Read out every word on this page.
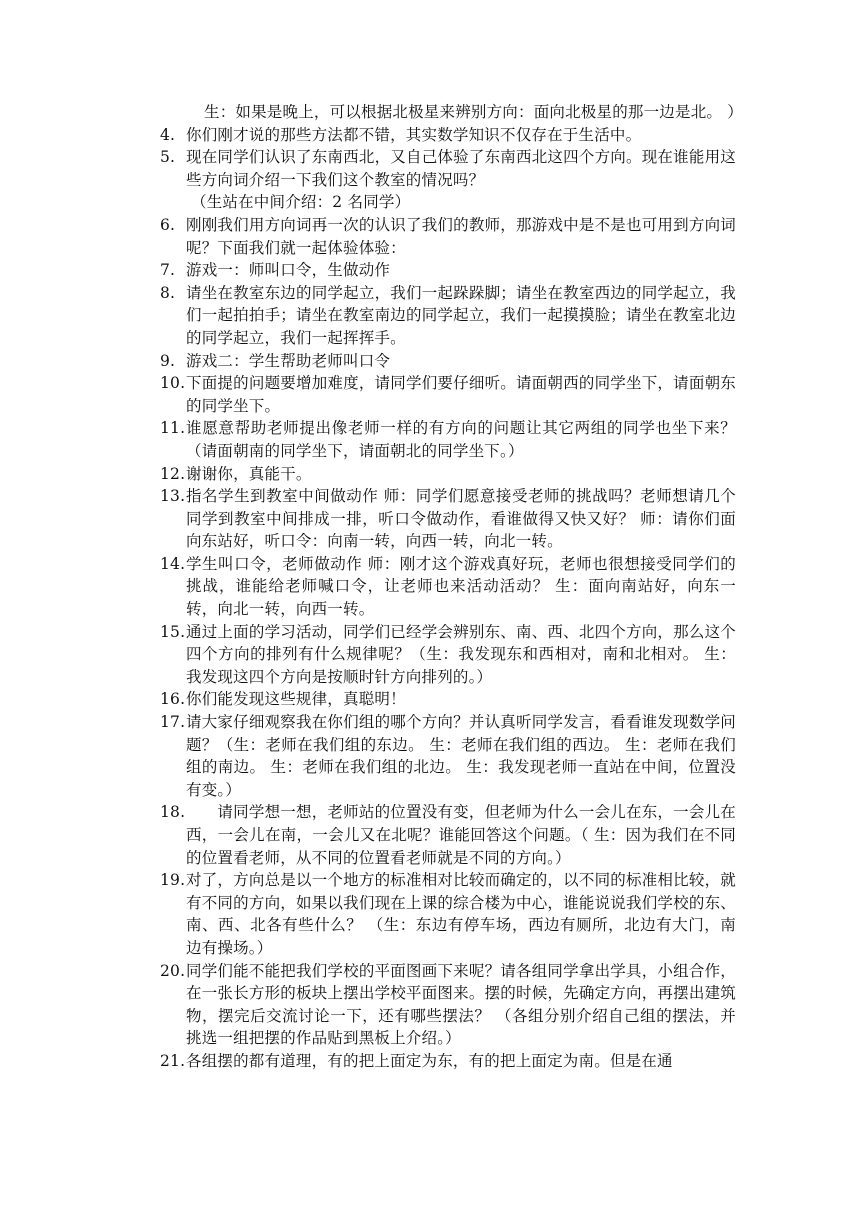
生：如果是晚上，可以根据北极星来辨别方向：面向北极星的那一边是北。 ）
4. 你们刚才说的那些方法都不错，其实数学知识不仅存在于生活中。
5. 现在同学们认识了东南西北，又自己体验了东南西北这四个方向。现在谁能用这些方向词介绍一下我们这个教室的情况吗？
（生站在中间介绍：2 名同学）
6. 刚刚我们用方向词再一次的认识了我们的教师，那游戏中是不是也可用到方向词呢？下面我们就一起体验体验：
7. 游戏一：师叫口令，生做动作
8. 请坐在教室东边的同学起立，我们一起跺跺脚；请坐在教室西边的同学起立，我们一起拍拍手；请坐在教室南边的同学起立，我们一起摸摸脸；请坐在教室北边的同学起立，我们一起挥挥手。
9. 游戏二：学生帮助老师叫口令
10. 下面提的问题要增加难度，请同学们要仔细听。请面朝西的同学坐下，请面朝东的同学坐下。
11. 谁愿意帮助老师提出像老师一样的有方向的问题让其它两组的同学也坐下来？ （请面朝南的同学坐下，请面朝北的同学坐下。）
12. 谢谢你，真能干。
13. 指名学生到教室中间做动作 师：同学们愿意接受老师的挑战吗？老师想请几个同学到教室中间排成一排，听口令做动作，看谁做得又快又好？ 师：请你们面向东站好，听口令：向南一转，向西一转，向北一转。
14. 学生叫口令，老师做动作 师：刚才这个游戏真好玩，老师也很想接受同学们的挑战，谁能给老师喊口令，让老师也来活动活动？ 生：面向南站好，向东一转，向北一转，向西一转。
15. 通过上面的学习活动，同学们已经学会辨别东、南、西、北四个方向，那么这个四个方向的排列有什么规律呢？（生：我发现东和西相对，南和北相对。 生：我发现这四个方向是按顺时针方向排列的。）
16. 你们能发现这些规律，真聪明！
17. 请大家仔细观察我在你们组的哪个方向？并认真听同学发言，看看谁发现数学问题？（生：老师在我们组的东边。 生：老师在我们组的西边。 生：老师在我们组的南边。 生：老师在我们组的北边。 生：我发现老师一直站在中间，位置没有变。）
18. 　　请同学想一想，老师站的位置没有变，但老师为什么一会儿在东，一会儿在西，一会儿在南，一会儿又在北呢？谁能回答这个问题。（ 生：因为我们在不同的位置看老师，从不同的位置看老师就是不同的方向。）
19. 对了，方向总是以一个地方的标准相对比较而确定的，以不同的标准相比较，就有不同的方向，如果以我们现在上课的综合楼为中心，谁能说说我们学校的东、南、西、北各有些什么？ （生：东边有停车场，西边有厕所，北边有大门，南边有操场。）
20. 同学们能不能把我们学校的平面图画下来呢？请各组同学拿出学具，小组合作，在一张长方形的板块上摆出学校平面图来。摆的时候，先确定方向，再摆出建筑物，摆完后交流讨论一下，还有哪些摆法？ （各组分别介绍自己组的摆法，并挑选一组把摆的作品贴到黑板上介绍。）
21. 各组摆的都有道理，有的把上面定为东，有的把上面定为南。但是在通
